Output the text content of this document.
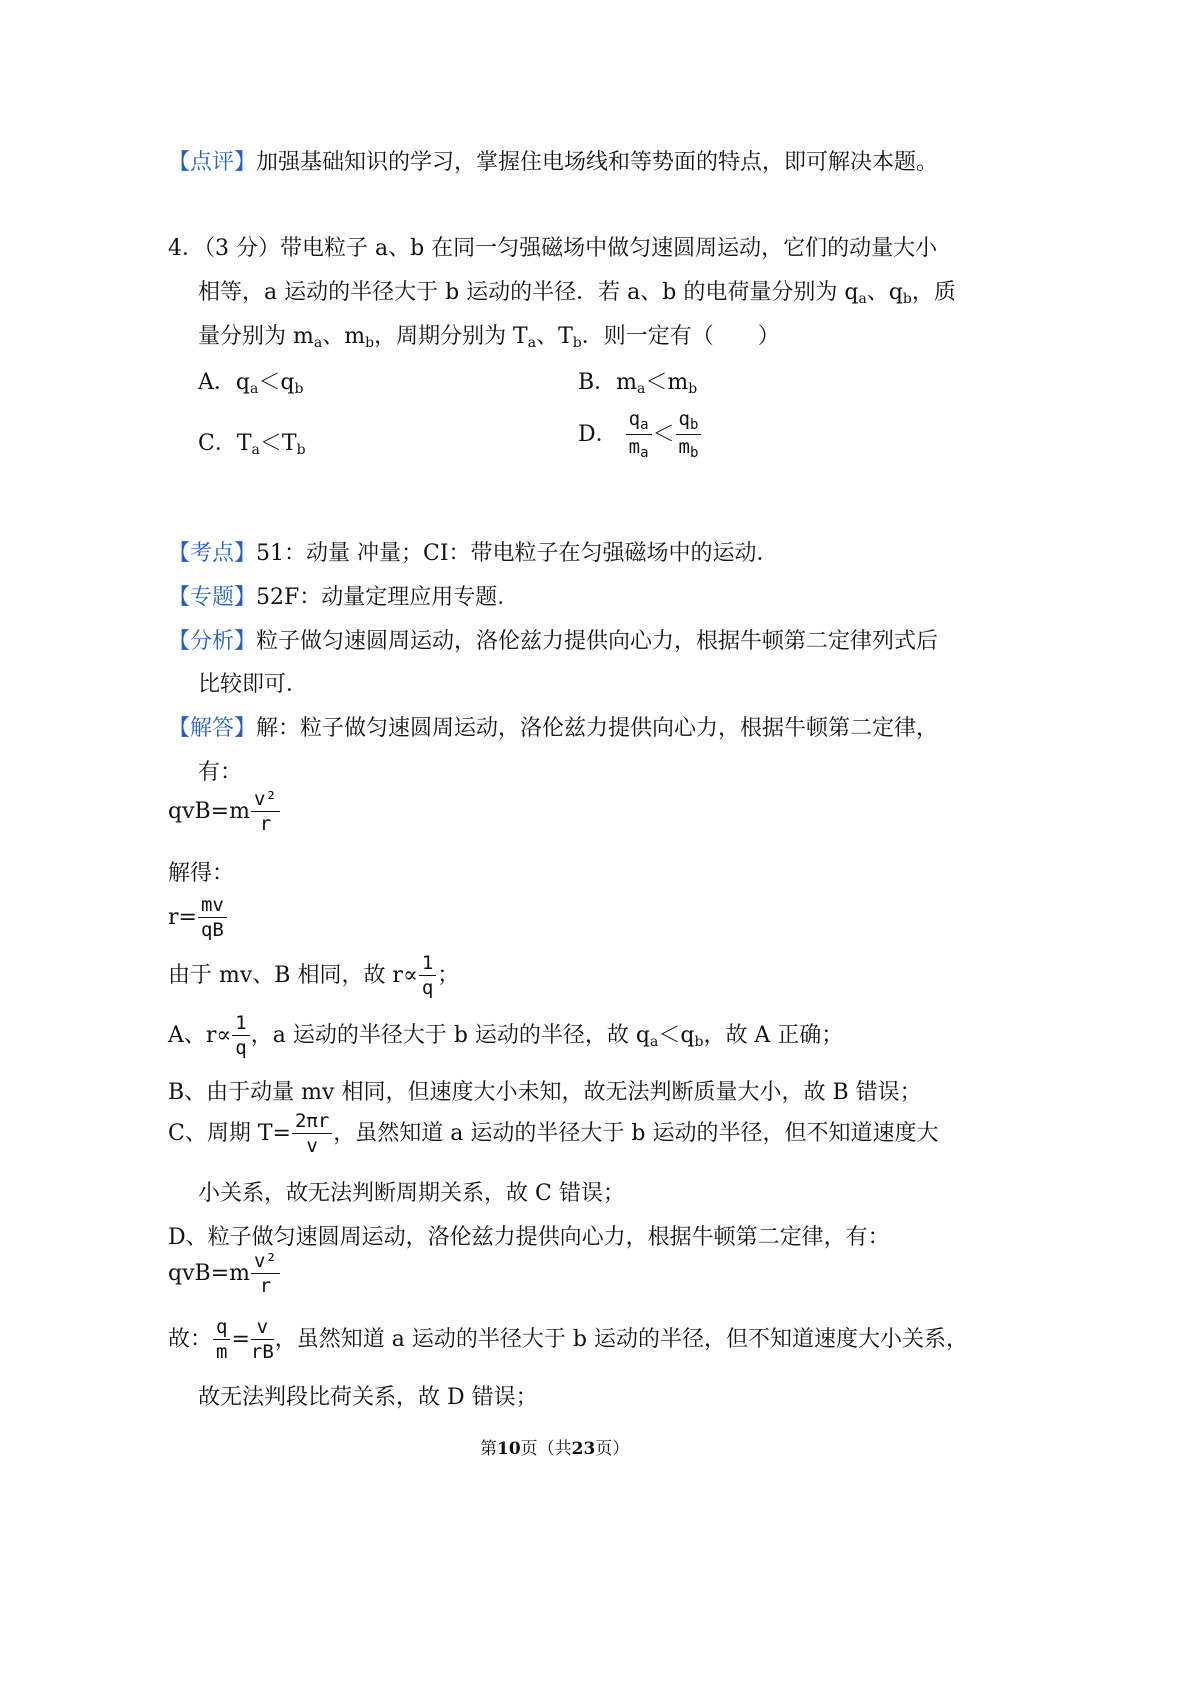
【点评】加强基础知识的学习，掌握住电场线和等势面的特点，即可解决本题。
4．（3 分）带电粒子 a、b 在同一匀强磁场中做匀速圆周运动，它们的动量大小
相等，a 运动的半径大于 b 运动的半径．若 a、b 的电荷量分别为 $q_a$、$q_b$，质
量分别为 $m_a$、$m_b$，周期分别为 $T_a$、$T_b$．则一定有（　　）
A．$q_a<q_b$	B．$m_a<m_b$
C．$T_a<T_b$
D． $\frac{q_a}{m_a} < \frac{q_b}{m_b}$
【考点】51：动量 冲量；CI：带电粒子在匀强磁场中的运动．
【专题】52F：动量定理应用专题．
【分析】粒子做匀速圆周运动，洛伦兹力提供向心力，根据牛顿第二定律列式后
比较即可．
【解答】解：粒子做匀速圆周运动，洛伦兹力提供向心力，根据牛顿第二定律，
有：
$qvB=m \frac{\text{v²}}{r}$
解得：
$r= \frac{mv}{qB}$
由于 mv、B 相同，故 $r\propto \frac{1}{q}$ ；
A、$r\propto \frac{1}{q}$ ，a 运动的半径大于 b 运动的半径，故 $q_a<q_b$，故 A 正确；
B、由于动量 mv 相同，但速度大小未知，故无法判断质量大小，故 B 错误；
C、周期 $T= \frac{2\pi r}{v}$ ，虽然知道 a 运动的半径大于 b 运动的半径，但不知道速度大
小关系，故无法判断周期关系，故 C 错误；
D、粒子做匀速圆周运动，洛伦兹力提供向心力，根据牛顿第二定律，有：
$qvB=m \frac{\text{v²}}{r}$
故： $\frac{q}{m} = \frac{v}{rB}$ ，虽然知道 a 运动的半径大于 b 运动的半径，但不知道速度大小关系，
故无法判段比荷关系，故 D 错误；
第10页（共23页）
